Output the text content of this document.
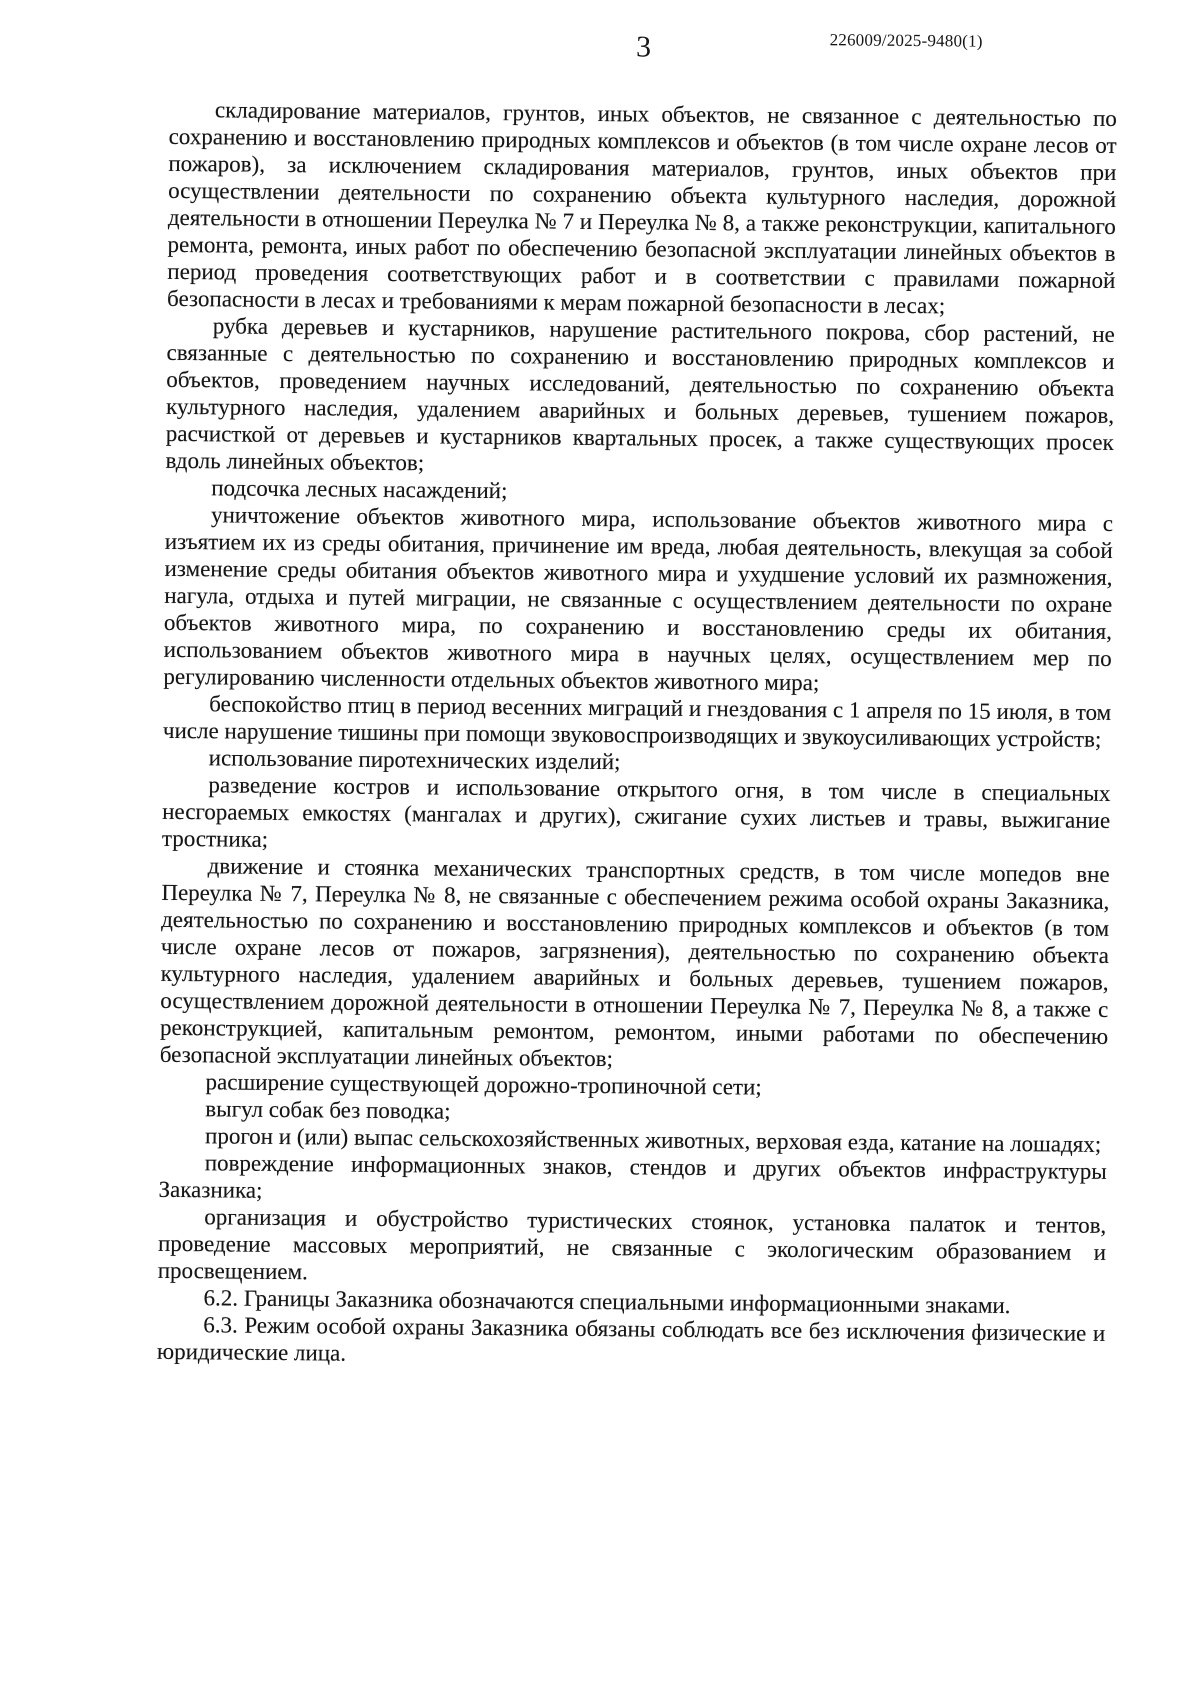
3	226009/2025-9480(1)

складирование материалов, грунтов, иных объектов, не связанное с деятельностью по сохранению и восстановлению природных комплексов и объектов (в том числе охране лесов от пожаров), за исключением складирования материалов, грунтов, иных объектов при осуществлении деятельности по сохранению объекта культурного наследия, дорожной деятельности в отношении Переулка № 7 и Переулка № 8, а также реконструкции, капитального ремонта, ремонта, иных работ по обеспечению безопасной эксплуатации линейных объектов в период проведения соответствующих работ и в соответствии с правилами пожарной безопасности в лесах и требованиями к мерам пожарной безопасности в лесах;

рубка деревьев и кустарников, нарушение растительного покрова, сбор растений, не связанные с деятельностью по сохранению и восстановлению природных комплексов и объектов, проведением научных исследований, деятельностью по сохранению объекта культурного наследия, удалением аварийных и больных деревьев, тушением пожаров, расчисткой от деревьев и кустарников квартальных просек, а также существующих просек вдоль линейных объектов;

подсочка лесных насаждений;

уничтожение объектов животного мира, использование объектов животного мира с изъятием их из среды обитания, причинение им вреда, любая деятельность, влекущая за собой изменение среды обитания объектов животного мира и ухудшение условий их размножения, нагула, отдыха и путей миграции, не связанные с осуществлением деятельности по охране объектов животного мира, по сохранению и восстановлению среды их обитания, использованием объектов животного мира в научных целях, осуществлением мер по регулированию численности отдельных объектов животного мира;

беспокойство птиц в период весенних миграций и гнездования с 1 апреля по 15 июля, в том числе нарушение тишины при помощи звуковоспроизводящих и звукоусиливающих устройств;

использование пиротехнических изделий;

разведение костров и использование открытого огня, в том числе в специальных несгораемых емкостях (мангалах и других), сжигание сухих листьев и травы, выжигание тростника;

движение и стоянка механических транспортных средств, в том числе мопедов вне Переулка № 7, Переулка № 8, не связанные с обеспечением режима особой охраны Заказника, деятельностью по сохранению и восстановлению природных комплексов и объектов (в том числе охране лесов от пожаров, загрязнения), деятельностью по сохранению объекта культурного наследия, удалением аварийных и больных деревьев, тушением пожаров, осуществлением дорожной деятельности в отношении Переулка № 7, Переулка № 8, а также с реконструкцией, капитальным ремонтом, ремонтом, иными работами по обеспечению безопасной эксплуатации линейных объектов;

расширение существующей дорожно-тропиночной сети;

выгул собак без поводка;

прогон и (или) выпас сельскохозяйственных животных, верховая езда, катание на лошадях;

повреждение информационных знаков, стендов и других объектов инфраструктуры Заказника;

организация и обустройство туристических стоянок, установка палаток и тентов, проведение массовых мероприятий, не связанные с экологическим образованием и просвещением.

6.2. Границы Заказника обозначаются специальными информационными знаками.

6.3. Режим особой охраны Заказника обязаны соблюдать все без исключения физические и юридические лица.
